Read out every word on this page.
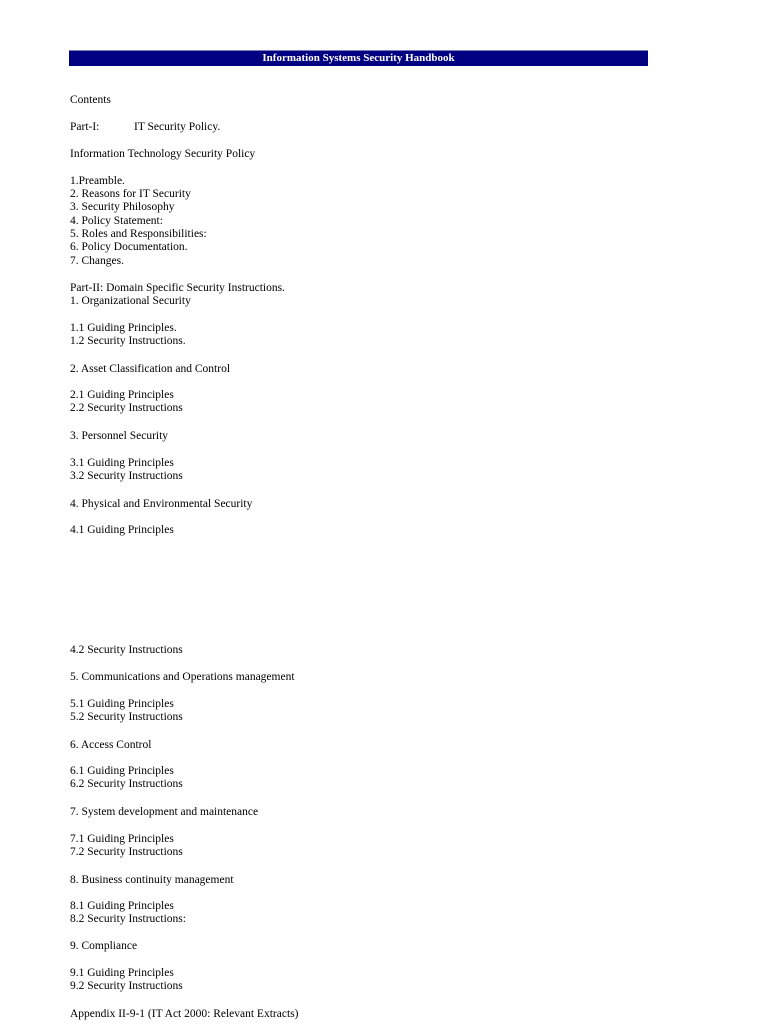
Information Systems Security Handbook
Contents
Part-I:	IT Security Policy.
Information Technology Security Policy
1.Preamble.
2. Reasons for IT Security
3. Security Philosophy
4. Policy Statement:
5. Roles and Responsibilities:
6. Policy Documentation.
7. Changes.
Part-II: Domain Specific Security Instructions.
1. Organizational Security
1.1 Guiding Principles.
1.2 Security Instructions.
2. Asset Classification and Control
2.1 Guiding Principles
2.2 Security Instructions
3. Personnel Security
3.1 Guiding Principles
3.2 Security Instructions
4. Physical and Environmental Security
4.1 Guiding Principles
4.2 Security Instructions
5. Communications and Operations management
5.1 Guiding Principles
5.2 Security Instructions
6. Access Control
6.1 Guiding Principles
6.2 Security Instructions
7. System development and maintenance
7.1 Guiding Principles
7.2 Security Instructions
8. Business continuity management
8.1 Guiding Principles
8.2 Security Instructions:
9. Compliance
9.1 Guiding Principles
9.2 Security Instructions
Appendix II-9-1 (IT Act 2000: Relevant Extracts)
